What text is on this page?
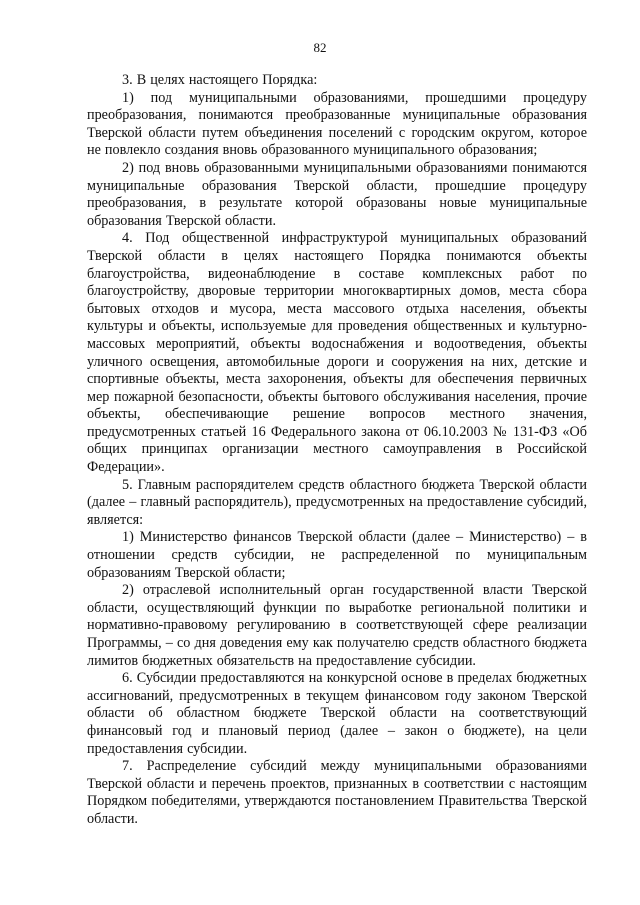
82

3. В целях настоящего Порядка:

1) под муниципальными образованиями, прошедшими процедуру преобразования, понимаются преобразованные муниципальные образования Тверской области путем объединения поселений с городским округом, которое не повлекло создания вновь образованного муниципального образования;

2) под вновь образованными муниципальными образованиями понимаются муниципальные образования Тверской области, прошедшие процедуру преобразования, в результате которой образованы новые муниципальные образования Тверской области.

4. Под общественной инфраструктурой муниципальных образований Тверской области в целях настоящего Порядка понимаются объекты благоустройства, видеонаблюдение в составе комплексных работ по благоустройству, дворовые территории многоквартирных домов, места сбора бытовых отходов и мусора, места массового отдыха населения, объекты культуры и объекты, используемые для проведения общественных и культурно-массовых мероприятий, объекты водоснабжения и водоотведения, объекты уличного освещения, автомобильные дороги и сооружения на них, детские и спортивные объекты, места захоронения, объекты для обеспечения первичных мер пожарной безопасности, объекты бытового обслуживания населения, прочие объекты, обеспечивающие решение вопросов местного значения, предусмотренных статьей 16 Федерального закона от 06.10.2003 № 131-ФЗ «Об общих принципах организации местного самоуправления в Российской Федерации».

5. Главным распорядителем средств областного бюджета Тверской области (далее – главный распорядитель), предусмотренных на предоставление субсидий, является:

1) Министерство финансов Тверской области (далее – Министерство) – в отношении средств субсидии, не распределенной по муниципальным образованиям Тверской области;

2) отраслевой исполнительный орган государственной власти Тверской области, осуществляющий функции по выработке региональной политики и нормативно-правовому регулированию в соответствующей сфере реализации Программы, – со дня доведения ему как получателю средств областного бюджета лимитов бюджетных обязательств на предоставление субсидии.

6. Субсидии предоставляются на конкурсной основе в пределах бюджетных ассигнований, предусмотренных в текущем финансовом году законом Тверской области об областном бюджете Тверской области на соответствующий финансовый год и плановый период (далее – закон о бюджете), на цели предоставления субсидии.

7. Распределение субсидий между муниципальными образованиями Тверской области и перечень проектов, признанных в соответствии с настоящим Порядком победителями, утверждаются постановлением Правительства Тверской области.
